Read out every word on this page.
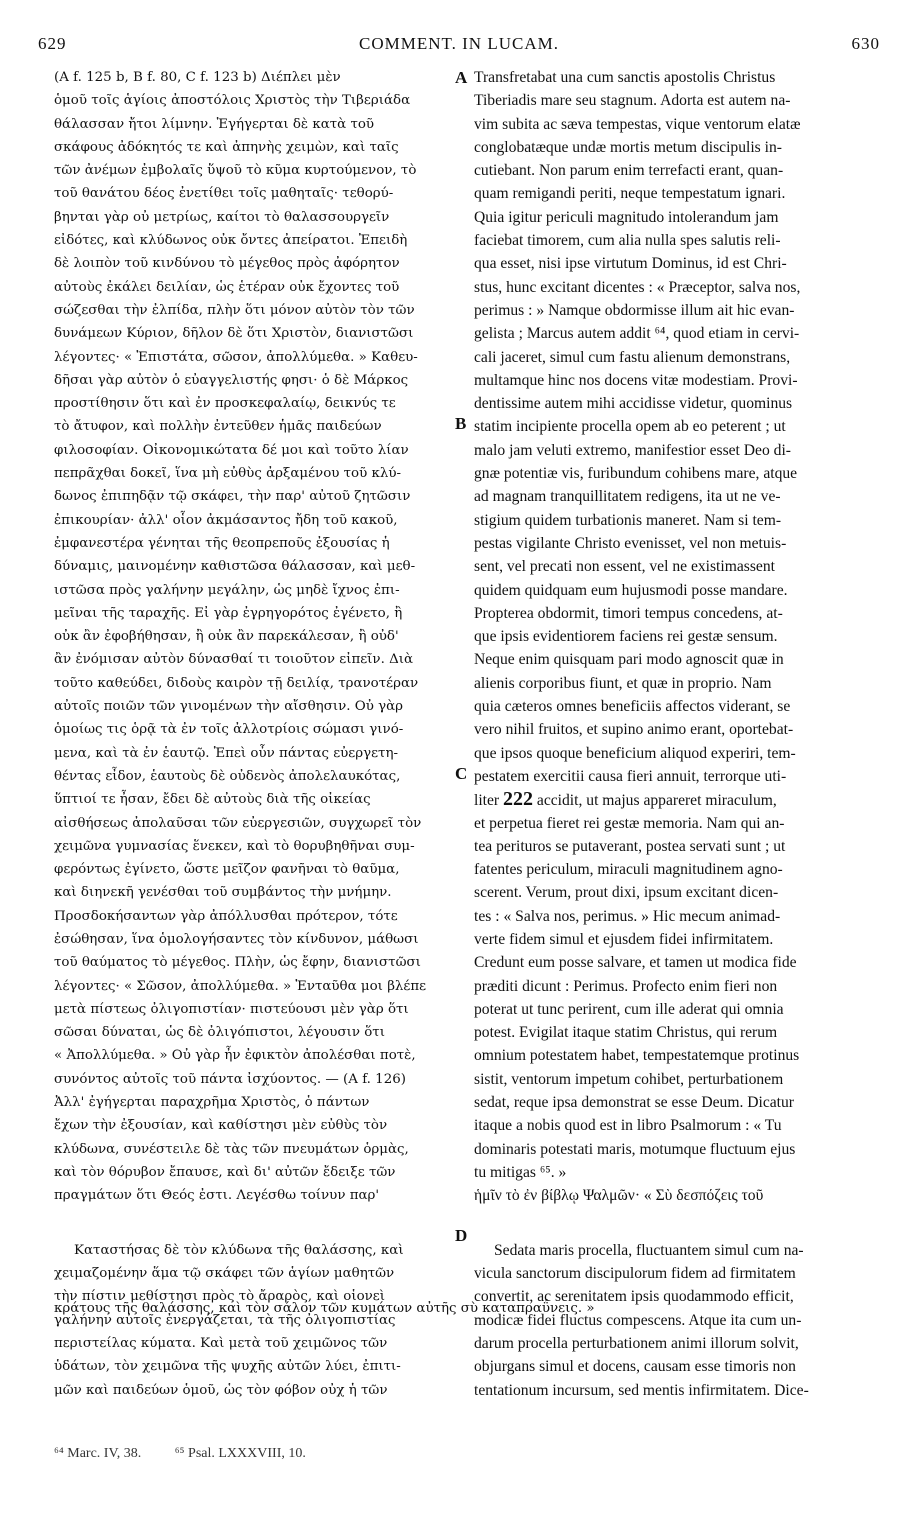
629	COMMENT. IN LUCAM.	630
A
B
C
D
(A f. 125 b, B f. 80, C f. 123 b) Διέπλει μὲν
ὁμοῦ τοῖς ἁγίοις ἀποστόλοις Χριστὸς τὴν Τιβεριάδα
θάλασσαν ἤτοι λίμνην. Ἐγήγερται δὲ κατὰ τοῦ
σκάφους ἀδόκητός τε καὶ ἀπηνὴς χειμὼν, καὶ ταῖς
τῶν ἀνέμων ἐμβολαῖς ὕψοῦ τὸ κῦμα κυρτούμενον, τὸ
τοῦ θανάτου δέος ἐνετίθει τοῖς μαθηταῖς· τεθορύ-
βηνται γὰρ οὐ μετρίως, καίτοι τὸ θαλασσουργεῖν
εἰδότες, καὶ κλύδωνος οὐκ ὄντες ἀπείρατοι. Ἐπειδὴ
δὲ λοιπὸν τοῦ κινδύνου τὸ μέγεθος πρὸς ἀφόρητον
αὐτοὺς ἐκάλει δειλίαν, ὡς ἑτέραν οὐκ ἔχοντες τοῦ
σώζεσθαι τὴν ἐλπίδα, πλὴν ὅτι μόνον αὐτὸν τὸν τῶν
δυνάμεων Κύριον, δῆλον δὲ ὅτι Χριστὸν, διανιστῶσι
λέγοντες· « Ἐπιστάτα, σῶσον, ἀπολλύμεθα. » Καθευ-
δῆσαι γὰρ αὐτὸν ὁ εὐαγγελιστής φησι· ὁ δὲ Μάρκος
προστίθησιν ὅτι καὶ ἐν προσκεφαλαίῳ, δεικνύς τε
τὸ ἄτυφον, καὶ πολλὴν ἐντεῦθεν ἡμᾶς παιδεύων
φιλοσοφίαν. Οἰκονομικώτατα δέ μοι καὶ τοῦτο λίαν
πεπρᾶχθαι δοκεῖ, ἵνα μὴ εὐθὺς ἀρξαμένου τοῦ κλύ-
δωνος ἐπιπηδᾷν τῷ σκάφει, τὴν παρ' αὐτοῦ ζητῶσιν
ἐπικουρίαν· ἀλλ' οἷον ἀκμάσαντος ἤδη τοῦ κακοῦ,
ἐμφανεστέρα γένηται τῆς θεοπρεποῦς ἐξουσίας ἡ
δύναμις, μαινομένην καθιστῶσα θάλασσαν, καὶ μεθ-
ιστῶσα πρὸς γαλήνην μεγάλην, ὡς μηδὲ ἴχνος ἐπι-
μεῖναι τῆς ταραχῆς. Εἰ γὰρ ἐγρηγορότος ἐγένετο, ἢ
οὐκ ἂν ἐφοβήθησαν, ἢ οὐκ ἂν παρεκάλεσαν, ἢ οὐδ'
ἂν ἐνόμισαν αὐτὸν δύνασθαί τι τοιοῦτον εἰπεῖν. Διὰ
τοῦτο καθεύδει, διδοὺς καιρὸν τῇ δειλίᾳ, τρανοτέραν
αὐτοῖς ποιῶν τῶν γινομένων τὴν αἴσθησιν. Οὐ γὰρ
ὁμοίως τις ὁρᾷ τὰ ἐν τοῖς ἀλλοτρίοις σώμασι γινό-
μενα, καὶ τὰ ἐν ἑαυτῷ. Ἐπεὶ οὖν πάντας εὐεργετη-
θέντας εἶδον, ἑαυτοὺς δὲ οὐδενὸς ἀπολελαυκότας,
ὕπτιοί τε ἦσαν, ἔδει δὲ αὐτοὺς διὰ τῆς οἰκείας
αἰσθήσεως ἀπολαῦσαι τῶν εὐεργεσιῶν, συγχωρεῖ τὸν
χειμῶνα γυμνασίας ἕνεκεν, καὶ τὸ θορυβηθῆναι συμ-
φερόντως ἐγίνετο, ὥστε μεῖζον φανῆναι τὸ θαῦμα,
καὶ διηνεκῆ γενέσθαι τοῦ συμβάντος τὴν μνήμην.
Προσδοκήσαντων γὰρ ἀπόλλυσθαι πρότερον, τότε
ἐσώθησαν, ἵνα ὁμολογήσαντες τὸν κίνδυνον, μάθωσι
τοῦ θαύματος τὸ μέγεθος. Πλὴν, ὡς ἔφην, διανιστῶσι
λέγοντες· « Σῶσον, ἀπολλύμεθα. » Ἐνταῦθα μοι βλέπε
μετὰ πίστεως ὀλιγοπιστίαν· πιστεύουσι μὲν γὰρ ὅτι
σῶσαι δύναται, ὡς δὲ ὀλιγόπιστοι, λέγουσιν ὅτι
« Ἀπολλύμεθα. » Οὐ γὰρ ἦν ἐφικτὸν ἀπολέσθαι ποτὲ,
συνόντος αὐτοῖς τοῦ πάντα ἰσχύοντος. — (A f. 126)
Ἀλλ' ἐγήγερται παραχρῆμα Χριστὸς, ὁ πάντων
ἔχων τὴν ἐξουσίαν, καὶ καθίστησι μὲν εὐθὺς τὸν
κλύδωνα, συνέστειλε δὲ τὰς τῶν πνευμάτων ὁρμὰς,
καὶ τὸν θόρυβον ἔπαυσε, καὶ δι' αὐτῶν ἔδειξε τῶν
πραγμάτων ὅτι Θεός ἐστι. Λεγέσθω τοίνυν παρ'
Καταστήσας δὲ τὸν κλύδωνα τῆς θαλάσσης, καὶ
χειμαζομένην ἅμα τῷ σκάφει τῶν ἁγίων μαθητῶν
τὴν πίστιν μεθίστησι πρὸς τὸ ἄραρὸς, καὶ οἱονεὶ
γαλήνην αὐτοῖς ἐνεργάζεται, τὰ τῆς ὀλιγοπιστίας
περιστείλας κύματα. Καὶ μετὰ τοῦ χειμῶνος τῶν
ὑδάτων, τὸν χειμῶνα τῆς ψυχῆς αὐτῶν λύει, ἐπιτι-
μῶν καὶ παιδεύων ὁμοῦ, ὡς τὸν φόβον οὐχ ἡ τῶν
Transfretabat una cum sanctis apostolis Christus
Tiberiadis mare seu stagnum. Adorta est autem na-
vim subita ac sæva tempestas, vique ventorum elatæ
conglobatæque undæ mortis metum discipulis in-
cutiebant. Non parum enim terrefacti erant, quan-
quam remigandi periti, neque tempestatum ignari.
Quia igitur periculi magnitudo intolerandum jam
faciebat timorem, cum alia nulla spes salutis reli-
qua esset, nisi ipse virtutum Dominus, id est Chri-
stus, hunc excitant dicentes : « Præceptor, salva nos,
perimus : » Namque obdormisse illum ait hic evan-
gelista ; Marcus autem addit ⁶⁴, quod etiam in cervi-
cali jaceret, simul cum fastu alienum demonstrans,
multamque hinc nos docens vitæ modestiam. Provi-
dentissime autem mihi accidisse videtur, quominus
statim incipiente procella opem ab eo peterent ; ut
malo jam veluti extremo, manifestior esset Deo di-
gnæ potentiæ vis, furibundum cohibens mare, atque
ad magnam tranquillitatem redigens, ita ut ne ve-
stigium quidem turbationis maneret. Nam si tem-
pestas vigilante Christo evenisset, vel non metuis-
sent, vel precati non essent, vel ne existimassent
quidem quidquam eum hujusmodi posse mandare.
Propterea obdormit, timori tempus concedens, at-
que ipsis evidentiorem faciens rei gestæ sensum.
Neque enim quisquam pari modo agnoscit quæ in
alienis corporibus fiunt, et quæ in proprio. Nam
quia cæteros omnes beneficiis affectos viderant, se
vero nihil fruitos, et supino animo erant, oportebat-
que ipsos quoque beneficium aliquod experiri, tem-
pestatem exercitii causa fieri annuit, terrorque uti-
liter 222 accidit, ut majus appareret miraculum,
et perpetua fieret rei gestæ memoria. Nam qui an-
tea perituros se putaverant, postea servati sunt ; ut
fatentes periculum, miraculi magnitudinem agno-
scerent. Verum, prout dixi, ipsum excitant dicen-
tes : « Salva nos, perimus. » Hic mecum animad-
verte fidem simul et ejusdem fidei infirmitatem.
Credunt eum posse salvare, et tamen ut modica fide
præditi dicunt : Perimus. Profecto enim fieri non
poterat ut tunc perirent, cum ille aderat qui omnia
potest. Evigilat itaque statim Christus, qui rerum
omnium potestatem habet, tempestatemque protinus
sistit, ventorum impetum cohibet, perturbationem
sedat, reque ipsa demonstrat se esse Deum. Dicatur
itaque a nobis quod est in libro Psalmorum : « Tu
dominaris potestati maris, motumque fluctuum ejus
tu mitigas ⁶⁵. »
ἡμῖν τὸ ἐν βίβλῳ Ψαλμῶν· « Σὺ δεσπόζεις τοῦ
Sedata maris procella, fluctuantem simul cum na-
vicula sanctorum discipulorum fidem ad firmitatem
convertit, ac serenitatem ipsis quodammodo efficit,
modicæ fidei fluctus compescens. Atque ita cum un-
darum procella perturbationem animi illorum solvit,
objurgans simul et docens, causam esse timoris non
tentationum incursum, sed mentis infirmitatem. Dice-
κράτους τῆς θαλάσσης, καὶ τὸν σάλον τῶν κυμάτων αὐτῆς σὺ καταπραΰνεις. »
⁶⁴ Marc. IV, 38. ⁶⁵ Psal. LXXXVIII, 10.
